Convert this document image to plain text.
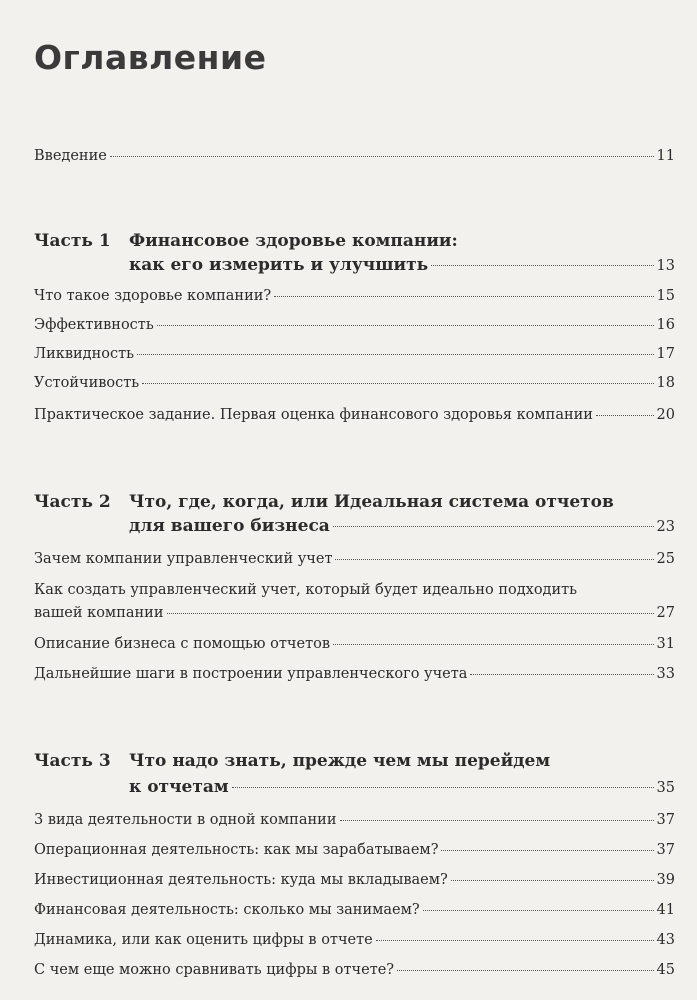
Оглавление
Введение	11
Часть 1	Финансовое здоровье компании:
как его измерить и улучшить	13
Что такое здоровье компании?	15
Эффективность	16
Ликвидность	17
Устойчивость	18
Практическое задание. Первая оценка финансового здоровья компании	20
Часть 2	Что, где, когда, или Идеальная система отчетов
для вашего бизнеса	23
Зачем компании управленческий учет	25
Как создать управленческий учет, который будет идеально подходить
вашей компании	27
Описание бизнеса с помощью отчетов	31
Дальнейшие шаги в построении управленческого учета	33
Часть 3	Что надо знать, прежде чем мы перейдем
к отчетам	35
3 вида деятельности в одной компании	37
Операционная деятельность: как мы зарабатываем?	37
Инвестиционная деятельность: куда мы вкладываем?	39
Финансовая деятельность: сколько мы занимаем?	41
Динамика, или как оценить цифры в отчете	43
С чем еще можно сравнивать цифры в отчете?	45
